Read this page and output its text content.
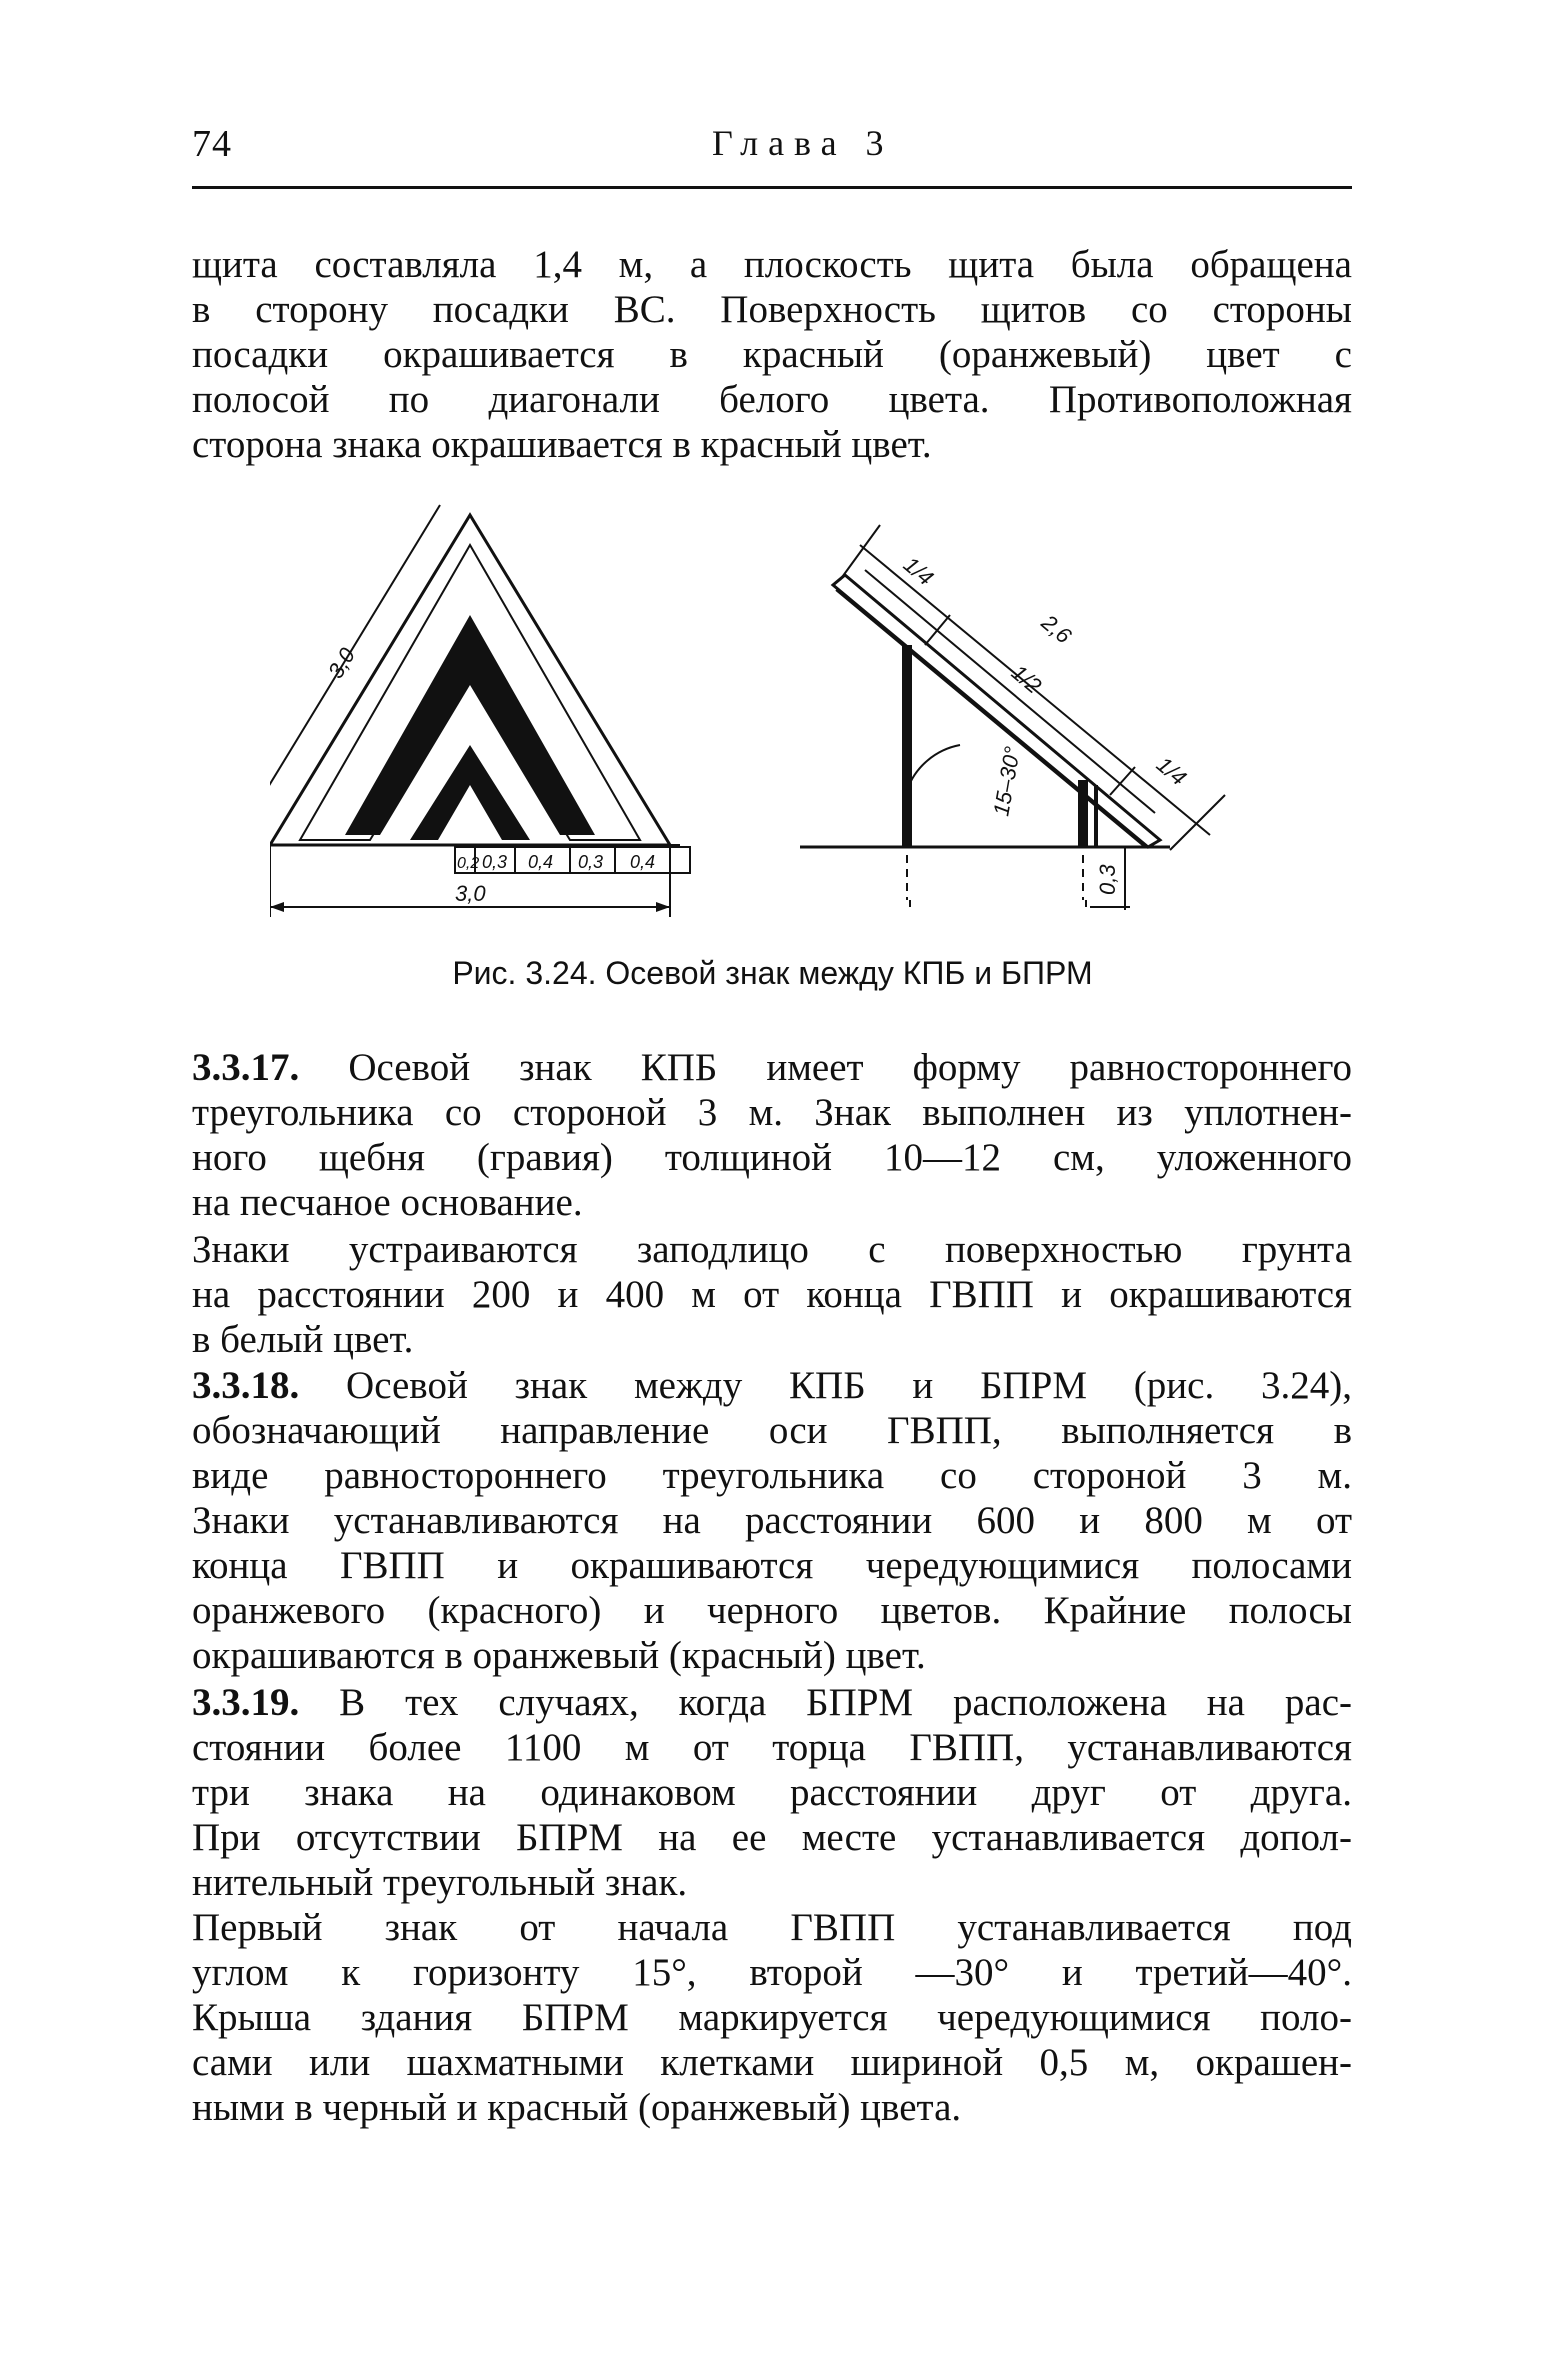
74	Глава 3
щита составляла 1,4 м, а плоскость щита была обращена
в сторону посадки ВС. Поверхность щитов со стороны
посадки окрашивается в красный (оранжевый) цвет с
полосой по диагонали белого цвета. Противоположная
сторона знака окрашивается в красный цвет.
3,0
0,2 0,3 0,4 0,3 0,4
3,0	0,3
15–30°
1/4
2,6
1/2
1/4
Рис. 3.24. Осевой знак между КПБ и БПРМ
3.3.17. Осевой знак КПБ имеет форму равностороннего
треугольника со стороной 3 м. Знак выполнен из уплотнен-
ного щебня (гравия) толщиной 10—12 см, уложенного
на песчаное основание.
Знаки устраиваются заподлицо с поверхностью грунта
на расстоянии 200 и 400 м от конца ГВПП и окрашиваются
в белый цвет.
3.3.18. Осевой знак между КПБ и БПРМ (рис. 3.24),
обозначающий направление оси ГВПП, выполняется в
виде равностороннего треугольника со стороной 3 м.
Знаки устанавливаются на расстоянии 600 и 800 м от
конца ГВПП и окрашиваются чередующимися полосами
оранжевого (красного) и черного цветов. Крайние полосы
окрашиваются в оранжевый (красный) цвет.
3.3.19. В тех случаях, когда БПРМ расположена на рас-
стоянии более 1100 м от торца ГВПП, устанавливаются
три знака на одинаковом расстоянии друг от друга.
При отсутствии БПРМ на ее месте устанавливается допол-
нительный треугольный знак.
Первый знак от начала ГВПП устанавливается под
углом к горизонту 15°, второй —30° и третий—40°.
Крыша здания БПРМ маркируется чередующимися поло-
сами или шахматными клетками шириной 0,5 м, окрашен-
ными в черный и красный (оранжевый) цвета.
